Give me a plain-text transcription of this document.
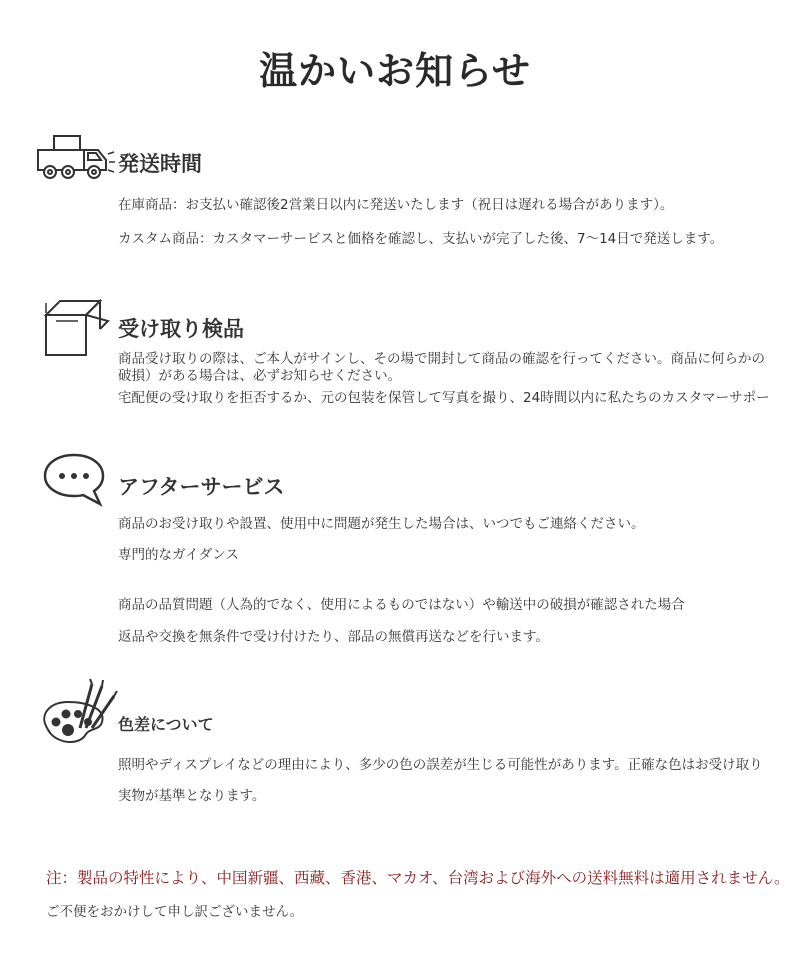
温かいお知らせ
発送時間

在庫商品：お支払い確認後2営業日以内に発送いたします（祝日は遅れる場合があります）。

カスタム商品：カスタマーサービスと価格を確認し、支払いが完了した後、7〜14日で発送します。

受け取り検品

商品受け取りの際は、ご本人がサインし、その場で開封して商品の確認を行ってください。商品に何らかの

破損）がある場合は、必ずお知らせください。

宅配便の受け取りを拒否するか、元の包装を保管して写真を撮り、24時間以内に私たちのカスタマーサポー

アフターサービス

商品のお受け取りや設置、使用中に問題が発生した場合は、いつでもご連絡ください。

専門的なガイダンス

商品の品質問題（人為的でなく、使用によるものではない）や輸送中の破損が確認された場合

返品や交換を無条件で受け付けたり、部品の無償再送などを行います。

色差について

照明やディスプレイなどの理由により、多少の色の誤差が生じる可能性があります。正確な色はお受け取り

実物が基準となります。

注：製品の特性により、中国新疆、西藏、香港、マカオ、台湾および海外への送料無料は適用されません。

ご不便をおかけして申し訳ございません。
